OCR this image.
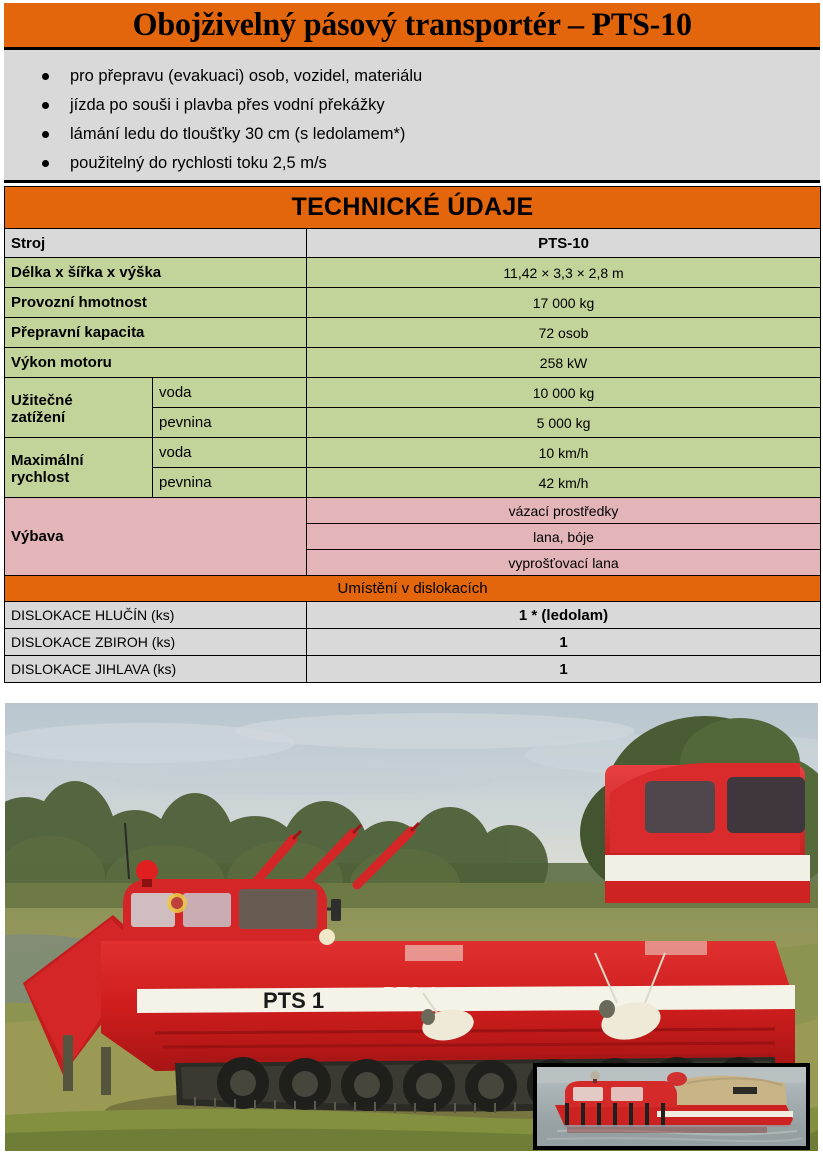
Obojživelný pásový transportér – PTS-10
pro přepravu (evakuaci) osob, vozidel, materiálu
jízda po souši i plavba přes vodní překážky
lámání ledu do tloušťky 30 cm (s ledolamem*)
použitelný do rychlosti toku 2,5 m/s
TECHNICKÉ ÚDAJE		
Stroj		PTS-10
Délka x šířka x výška		11,42 × 3,3 × 2,8 m
Provozní hmotnost		17 000 kg
Přepravní kapacita		72 osob
Výkon motoru		258 kW

Užitečné
zatížení	voda	10 000 kg
	pevnina	5 000 kg

Maximální
rychlost	voda	10 km/h
	pevnina	42 km/h
Výbava		vázací prostředky
		lana, bóje
		vyprošťovací lana
Umístění v dislokacích		
DISLOKACE HLUČÍN (ks)		1 * (ledolam)
DISLOKACE ZBIROH (ks)		1
DISLOKACE JIHLAVA (ks)		1
PTS 1	PTS 1
